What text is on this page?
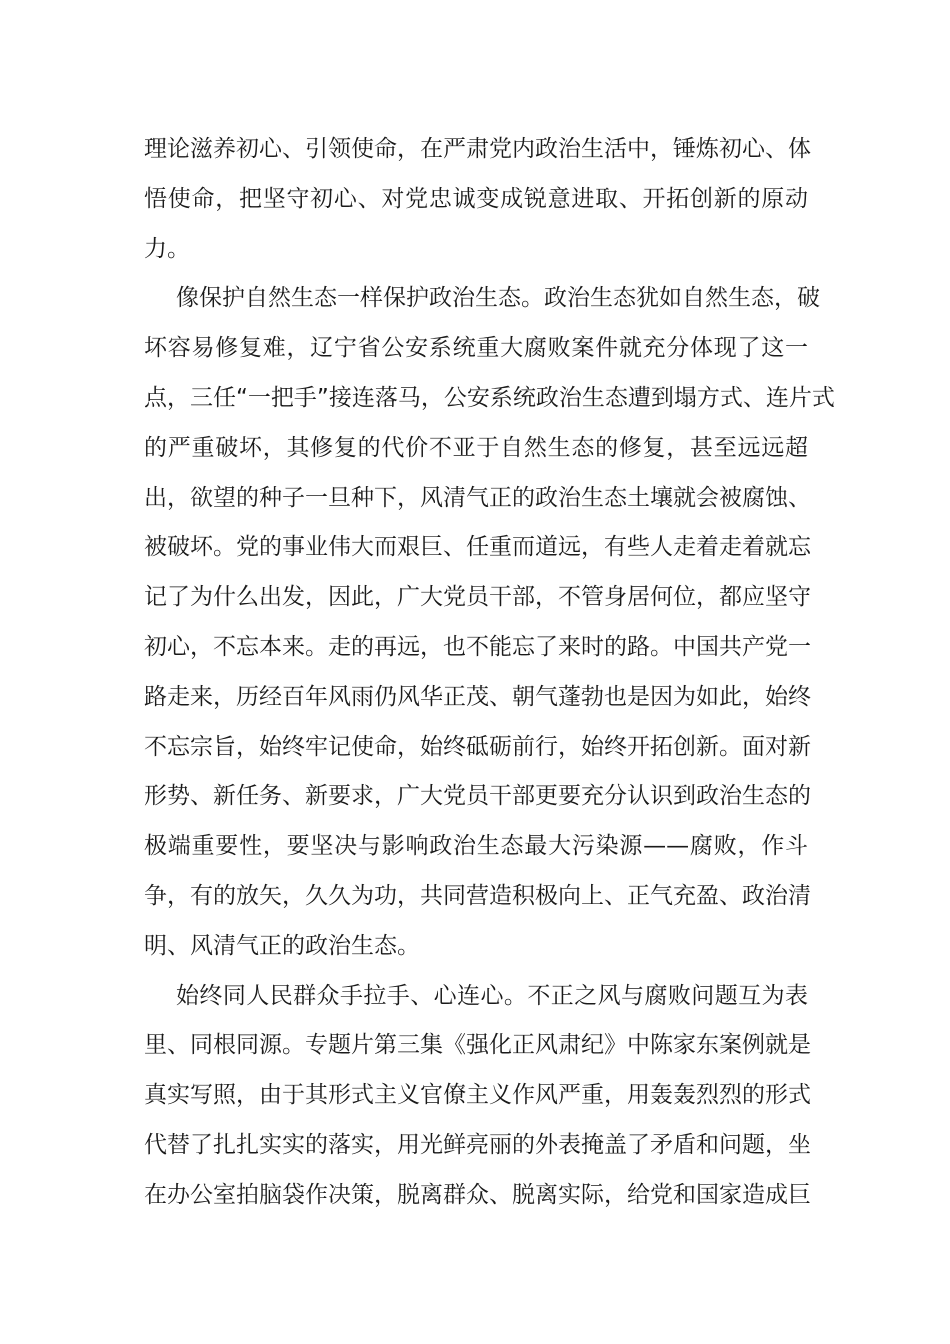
理论滋养初心、引领使命，在严肃党内政治生活中，锤炼初心、体
悟使命，把坚守初心、对党忠诚变成锐意进取、开拓创新的原动
力。

像保护自然生态一样保护政治生态。政治生态犹如自然生态，破
坏容易修复难，辽宁省公安系统重大腐败案件就充分体现了这一
点，三任“一把手”接连落马，公安系统政治生态遭到塌方式、连片式
的严重破坏，其修复的代价不亚于自然生态的修复，甚至远远超
出，欲望的种子一旦种下，风清气正的政治生态土壤就会被腐蚀、
被破坏。党的事业伟大而艰巨、任重而道远，有些人走着走着就忘
记了为什么出发，因此，广大党员干部，不管身居何位，都应坚守
初心，不忘本来。走的再远，也不能忘了来时的路。中国共产党一
路走来，历经百年风雨仍风华正茂、朝气蓬勃也是因为如此，始终
不忘宗旨，始终牢记使命，始终砥砺前行，始终开拓创新。面对新
形势、新任务、新要求，广大党员干部更要充分认识到政治生态的
极端重要性，要坚决与影响政治生态最大污染源——腐败，作斗
争，有的放矢，久久为功，共同营造积极向上、正气充盈、政治清
明、风清气正的政治生态。

始终同人民群众手拉手、心连心。不正之风与腐败问题互为表
里、同根同源。专题片第三集《强化正风肃纪》中陈家东案例就是
真实写照，由于其形式主义官僚主义作风严重，用轰轰烈烈的形式
代替了扎扎实实的落实，用光鲜亮丽的外表掩盖了矛盾和问题，坐
在办公室拍脑袋作决策，脱离群众、脱离实际，给党和国家造成巨
